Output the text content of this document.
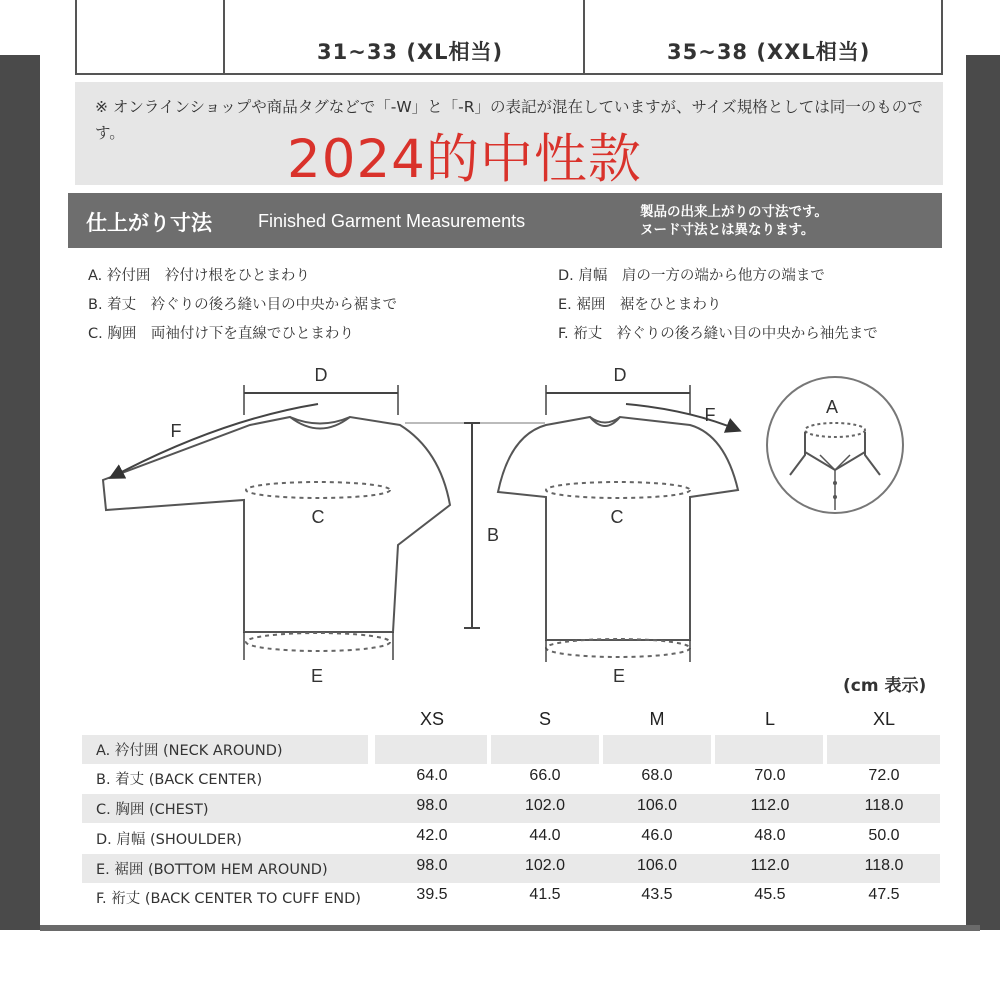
31~33 (XL相当)	35~38 (XXL相当)
※ オンラインショップや商品タグなどで「-W」と「-R」の表記が混在していますが、サイズ規格としては同一のものです。	2024的中性款
仕上がり寸法	Finished Garment Measurements	製品の出来上がりの寸法です。
ヌード寸法とは異なります。
A. 衿付囲　衿付け根をひとまわり
B. 着丈　衿ぐりの後ろ縫い目の中央から裾まで
C. 胸囲　両袖付け下を直線でひとまわり
D. 肩幅　肩の一方の端から他方の端まで
E. 裾囲　裾をひとまわり
F. 裄丈　衿ぐりの後ろ縫い目の中央から袖先まで
D
F
C
E
B
D
F
C
E
A
(cm 表示)
XS	S	M	L	XL
A. 衿付囲 (NECK AROUND)
B. 着丈 (BACK CENTER)	64.0	66.0	68.0	70.0	72.0
C. 胸囲 (CHEST)	98.0	102.0	106.0	112.0	118.0
D. 肩幅 (SHOULDER)	42.0	44.0	46.0	48.0	50.0
E. 裾囲 (BOTTOM HEM AROUND)	98.0	102.0	106.0	112.0	118.0
F. 裄丈 (BACK CENTER TO CUFF END)	39.5	41.5	43.5	45.5	47.5
